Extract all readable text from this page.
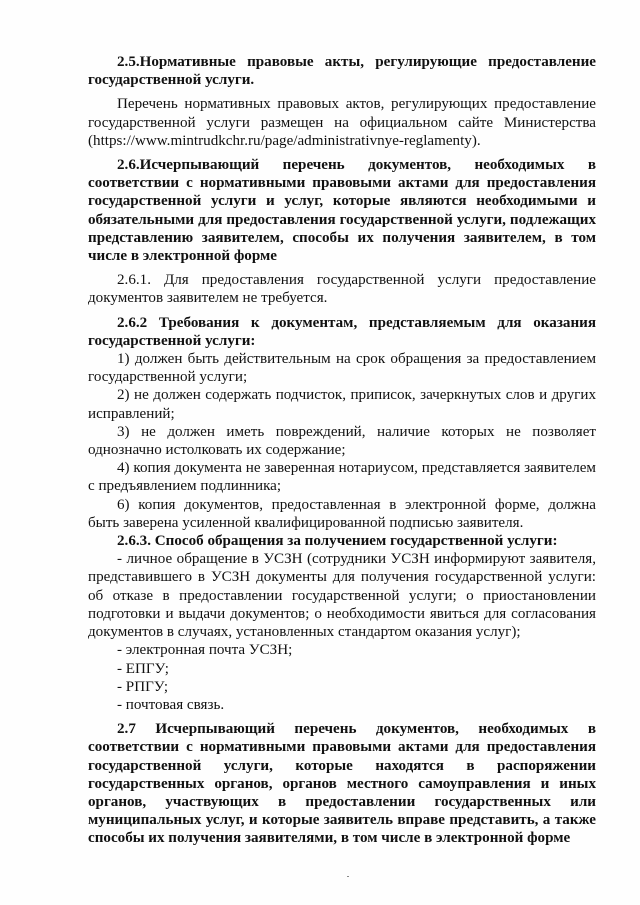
2.5.Нормативные правовые акты, регулирующие предоставление государственной услуги.

Перечень нормативных правовых актов, регулирующих предоставление государственной услуги размещен на официальном сайте Министерства (https://www.mintrudkchr.ru/page/administrativnye-reglamenty).

2.6.Исчерпывающий перечень документов, необходимых в соответствии с нормативными правовыми актами для предоставления государственной услуги и услуг, которые являются необходимыми и обязательными для предоставления государственной услуги, подлежащих представлению заявителем, способы их получения заявителем, в том числе в электронной форме

2.6.1. Для предоставления государственной услуги предоставление документов заявителем не требуется.

2.6.2 Требования к документам, представляемым для оказания государственной услуги:

1) должен быть действительным на срок обращения за предоставлением государственной услуги;

2) не должен содержать подчисток, приписок, зачеркнутых слов и других исправлений;

3) не должен иметь повреждений, наличие которых не позволяет однозначно истолковать их содержание;

4) копия документа не заверенная нотариусом, представляется заявителем с предъявлением подлинника;

6) копия документов, предоставленная в электронной форме, должна быть заверена усиленной квалифицированной подписью заявителя.

2.6.3. Способ обращения за получением государственной услуги:

- личное обращение в УСЗН (сотрудники УСЗН информируют заявителя, представившего в УСЗН документы для получения государственной услуги: об отказе в предоставлении государственной услуги; о приостановлении подготовки и выдачи документов; о необходимости явиться для согласования документов в случаях, установленных стандартом оказания услуг);

- электронная почта УСЗН;

- ЕПГУ;

- РПГУ;

- почтовая связь.

2.7 Исчерпывающий перечень документов, необходимых в соответствии с нормативными правовыми актами для предоставления государственной услуги, которые находятся в распоряжении государственных органов, органов местного самоуправления и иных органов, участвующих в предоставлении государственных или муниципальных услуг, и которые заявитель вправе представить, а также способы их получения заявителями, в том числе в электронной форме
